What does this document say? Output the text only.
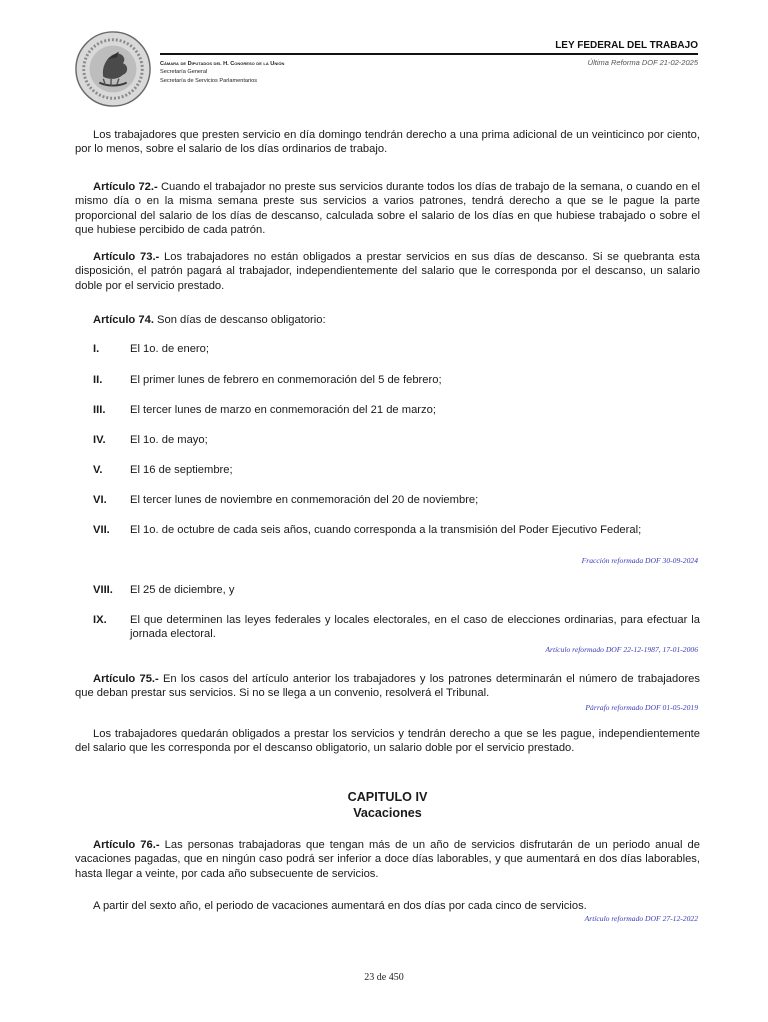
Cámara de Diputados del H. Congreso de la Unión
Secretaría General
Secretaría de Servicios Parlamentarios
LEY FEDERAL DEL TRABAJO
Última Reforma DOF 21-02-2025

Los trabajadores que presten servicio en día domingo tendrán derecho a una prima adicional de un veinticinco por ciento, por lo menos, sobre el salario de los días ordinarios de trabajo.

Artículo 72.- Cuando el trabajador no preste sus servicios durante todos los días de trabajo de la semana, o cuando en el mismo día o en la misma semana preste sus servicios a varios patrones, tendrá derecho a que se le pague la parte proporcional del salario de los días de descanso, calculada sobre el salario de los días en que hubiese trabajado o sobre el que hubiese percibido de cada patrón.

Artículo 73.- Los trabajadores no están obligados a prestar servicios en sus días de descanso. Si se quebranta esta disposición, el patrón pagará al trabajador, independientemente del salario que le corresponda por el descanso, un salario doble por el servicio prestado.

Artículo 74. Son días de descanso obligatorio:

I.	El 1o. de enero;
II.	El primer lunes de febrero en conmemoración del 5 de febrero;
III.	El tercer lunes de marzo en conmemoración del 21 de marzo;
IV.	El 1o. de mayo;
V.	El 16 de septiembre;
VI.	El tercer lunes de noviembre en conmemoración del 20 de noviembre;
VII.	El 1o. de octubre de cada seis años, cuando corresponda a la transmisión del Poder Ejecutivo Federal;
Fracción reformada DOF 30-09-2024
VIII.	El 25 de diciembre, y
IX.	El que determinen las leyes federales y locales electorales, en el caso de elecciones ordinarias, para efectuar la jornada electoral.
Artículo reformado DOF 22-12-1987, 17-01-2006

Artículo 75.- En los casos del artículo anterior los trabajadores y los patrones determinarán el número de trabajadores que deban prestar sus servicios. Si no se llega a un convenio, resolverá el Tribunal.

Párrafo reformado DOF 01-05-2019

Los trabajadores quedarán obligados a prestar los servicios y tendrán derecho a que se les pague, independientemente del salario que les corresponda por el descanso obligatorio, un salario doble por el servicio prestado.

CAPITULO IV
Vacaciones

Artículo 76.- Las personas trabajadoras que tengan más de un año de servicios disfrutarán de un periodo anual de vacaciones pagadas, que en ningún caso podrá ser inferior a doce días laborables, y que aumentará en dos días laborables, hasta llegar a veinte, por cada año subsecuente de servicios.

A partir del sexto año, el periodo de vacaciones aumentará en dos días por cada cinco de servicios.

Artículo reformado DOF 27-12-2022
23 de 450
